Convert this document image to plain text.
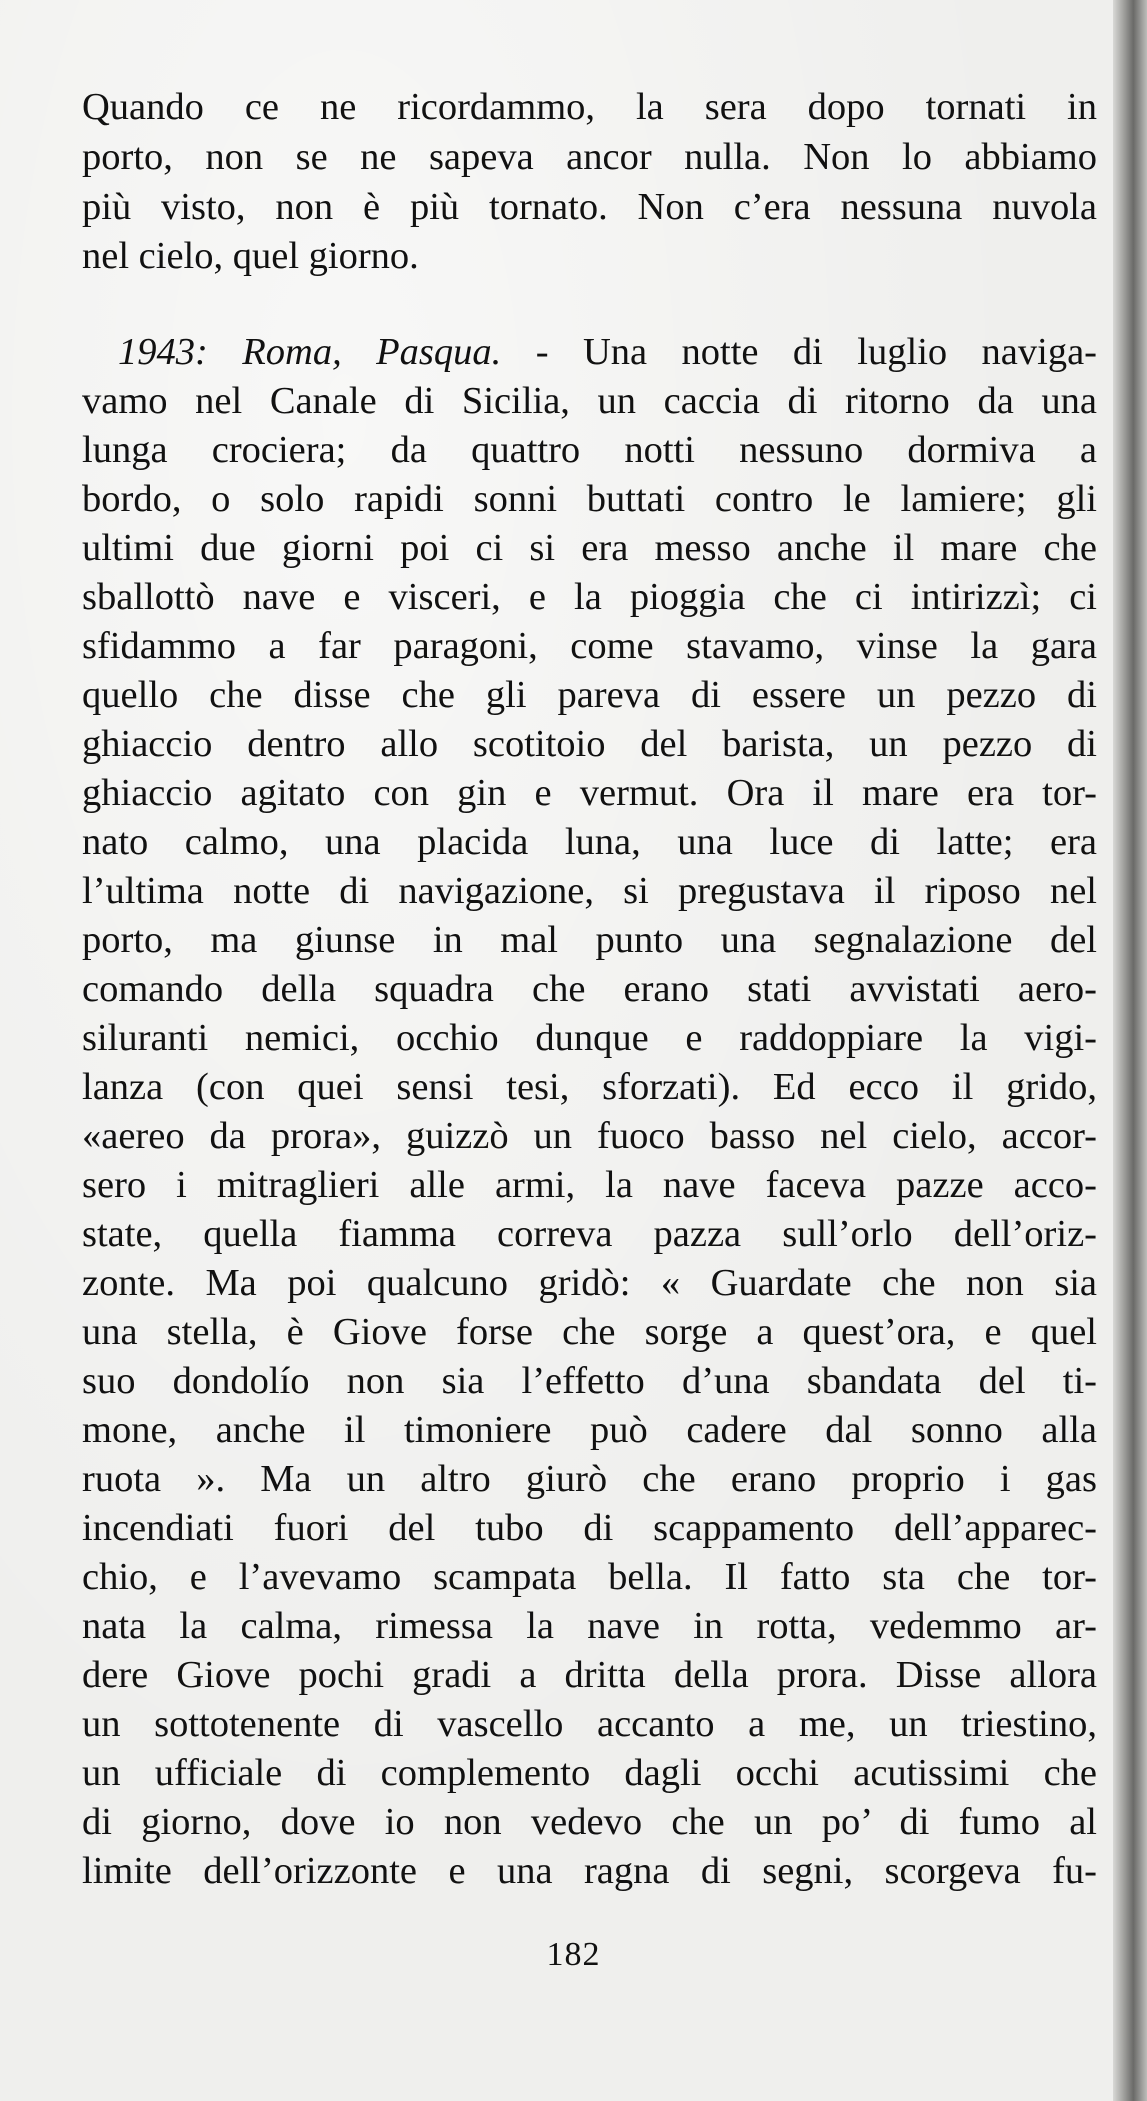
Quando ce ne ricordammo, la sera dopo tornati in
porto, non se ne sapeva ancor nulla. Non lo abbiamo
più visto, non è più tornato. Non c’era nessuna nuvola
nel cielo, quel giorno.
1943: Roma, Pasqua. - Una notte di luglio naviga-
vamo nel Canale di Sicilia, un caccia di ritorno da una
lunga crociera; da quattro notti nessuno dormiva a
bordo, o solo rapidi sonni buttati contro le lamiere; gli
ultimi due giorni poi ci si era messo anche il mare che
sballottò nave e visceri, e la pioggia che ci intirizzì; ci
sfidammo a far paragoni, come stavamo, vinse la gara
quello che disse che gli pareva di essere un pezzo di
ghiaccio dentro allo scotitoio del barista, un pezzo di
ghiaccio agitato con gin e vermut. Ora il mare era tor-
nato calmo, una placida luna, una luce di latte; era
l’ultima notte di navigazione, si pregustava il riposo nel
porto, ma giunse in mal punto una segnalazione del
comando della squadra che erano stati avvistati aero-
siluranti nemici, occhio dunque e raddoppiare la vigi-
lanza (con quei sensi tesi, sforzati). Ed ecco il grido,
«aereo da prora», guizzò un fuoco basso nel cielo, accor-
sero i mitraglieri alle armi, la nave faceva pazze acco-
state, quella fiamma correva pazza sull’orlo dell’oriz-
zonte. Ma poi qualcuno gridò: « Guardate che non sia
una stella, è Giove forse che sorge a quest’ora, e quel
suo dondolío non sia l’effetto d’una sbandata del ti-
mone, anche il timoniere può cadere dal sonno alla
ruota ». Ma un altro giurò che erano proprio i gas
incendiati fuori del tubo di scappamento dell’apparec-
chio, e l’avevamo scampata bella. Il fatto sta che tor-
nata la calma, rimessa la nave in rotta, vedemmo ar-
dere Giove pochi gradi a dritta della prora. Disse allora
un sottotenente di vascello accanto a me, un triestino,
un ufficiale di complemento dagli occhi acutissimi che
di giorno, dove io non vedevo che un po’ di fumo al
limite dell’orizzonte e una ragna di segni, scorgeva fu-
182
